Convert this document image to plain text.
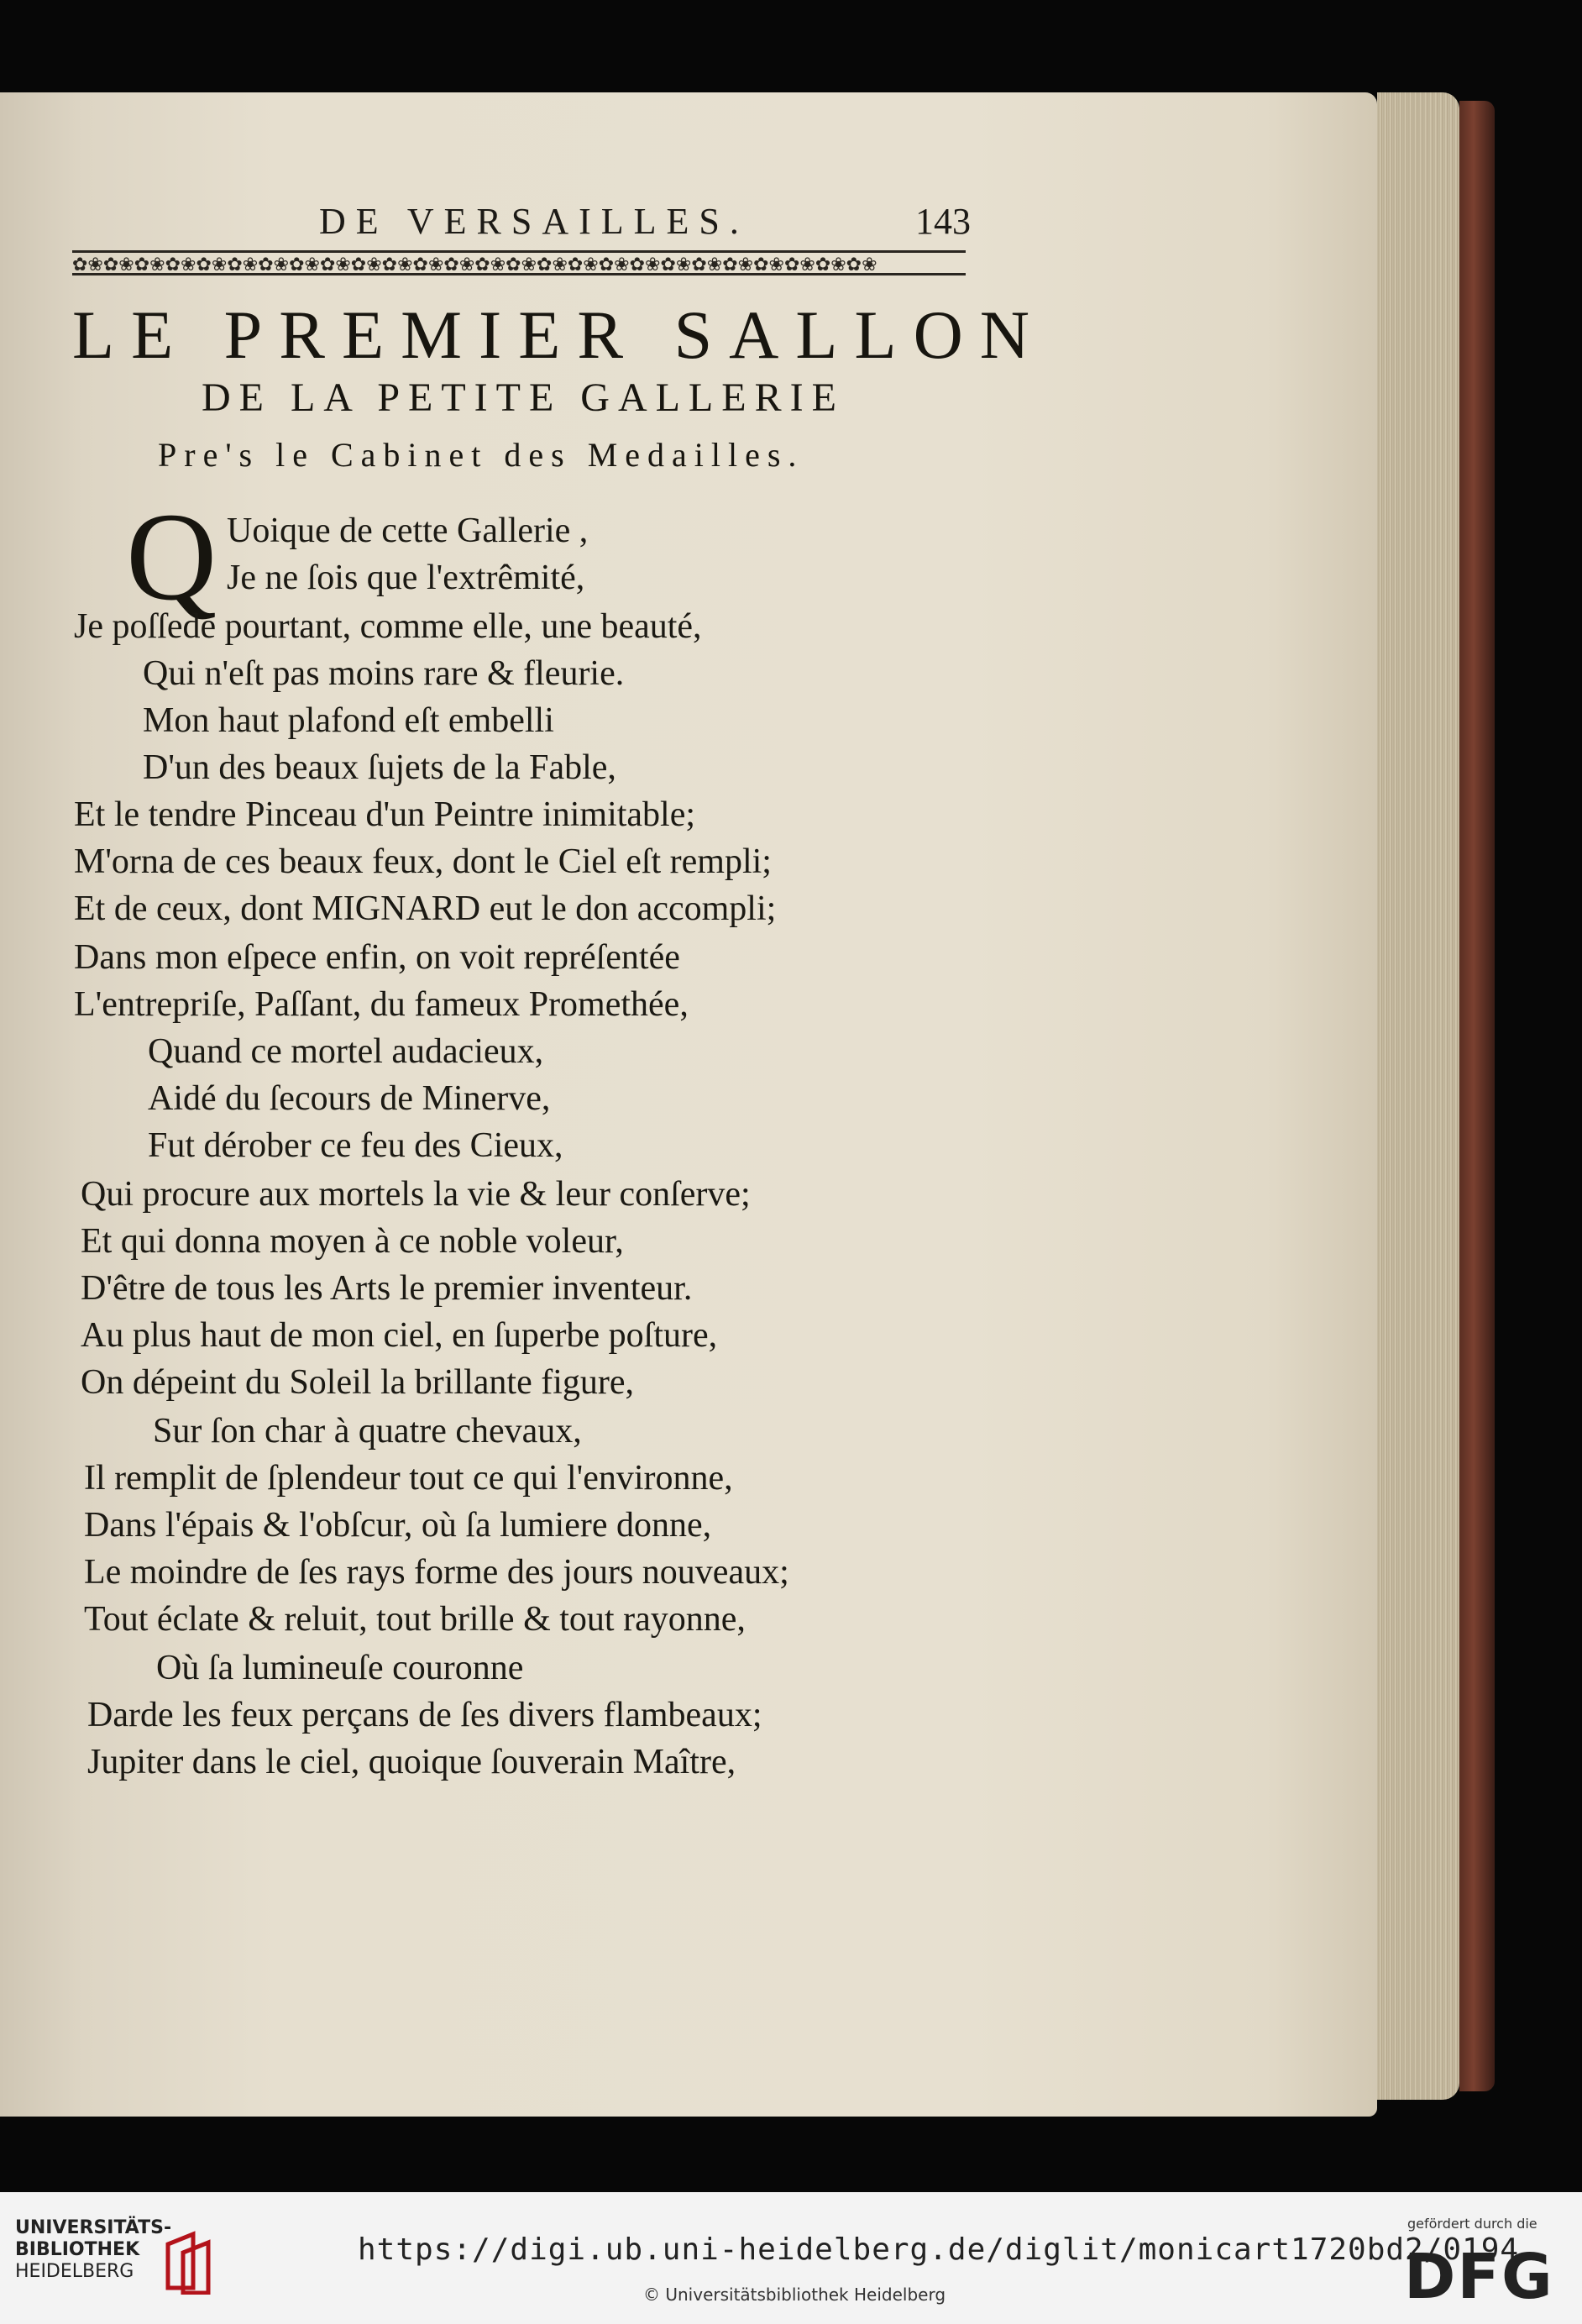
DE VERSAILLES.	143
✿❀✿❀✿❀✿❀✿❀✿❀✿❀✿❀✿❀✿❀✿❀✿❀✿❀✿❀✿❀✿❀✿❀✿❀✿❀✿❀✿❀✿❀✿❀✿❀✿❀✿❀
LE PREMIER SALLON
DE LA PETITE GALLERIE
Pre's le Cabinet des Medailles.
Q Uoique de cette Gallerie ,
Je ne ſois que l'extrêmité,
Je poſſede pourtant, comme elle, une beauté,
Qui n'eſt pas moins rare & fleurie.
Mon haut plafond eſt embelli
D'un des beaux ſujets de la Fable,
Et le tendre Pinceau d'un Peintre inimitable;
M'orna de ces beaux feux, dont le Ciel eſt rempli;
Et de ceux, dont MIGNARD eut le don accompli;
Dans mon eſpece enfin, on voit repréſentée
L'entrepriſe, Paſſant, du fameux Promethée,
Quand ce mortel audacieux,
Aidé du ſecours de Minerve,
Fut dérober ce feu des Cieux,
Qui procure aux mortels la vie & leur conſerve;
Et qui donna moyen à ce noble voleur,
D'être de tous les Arts le premier inventeur.
Au plus haut de mon ciel, en ſuperbe poſture,
On dépeint du Soleil la brillante figure,
Sur ſon char à quatre chevaux,
Il remplit de ſplendeur tout ce qui l'environne,
Dans l'épais & l'obſcur, où ſa lumiere donne,
Le moindre de ſes rays forme des jours nouveaux;
Tout éclate & reluit, tout brille & tout rayonne,
Où ſa lumineuſe couronne
Darde les feux perçans de ſes divers flambeaux;
Jupiter dans le ciel, quoique ſouverain Maître,
UNIVERSITÄTS-
BIBLIOTHEK
HEIDELBERG
https://digi.ub.uni-heidelberg.de/diglit/monicart1720bd2/0194
© Universitätsbibliothek Heidelberg
gefördert durch die
DFG
